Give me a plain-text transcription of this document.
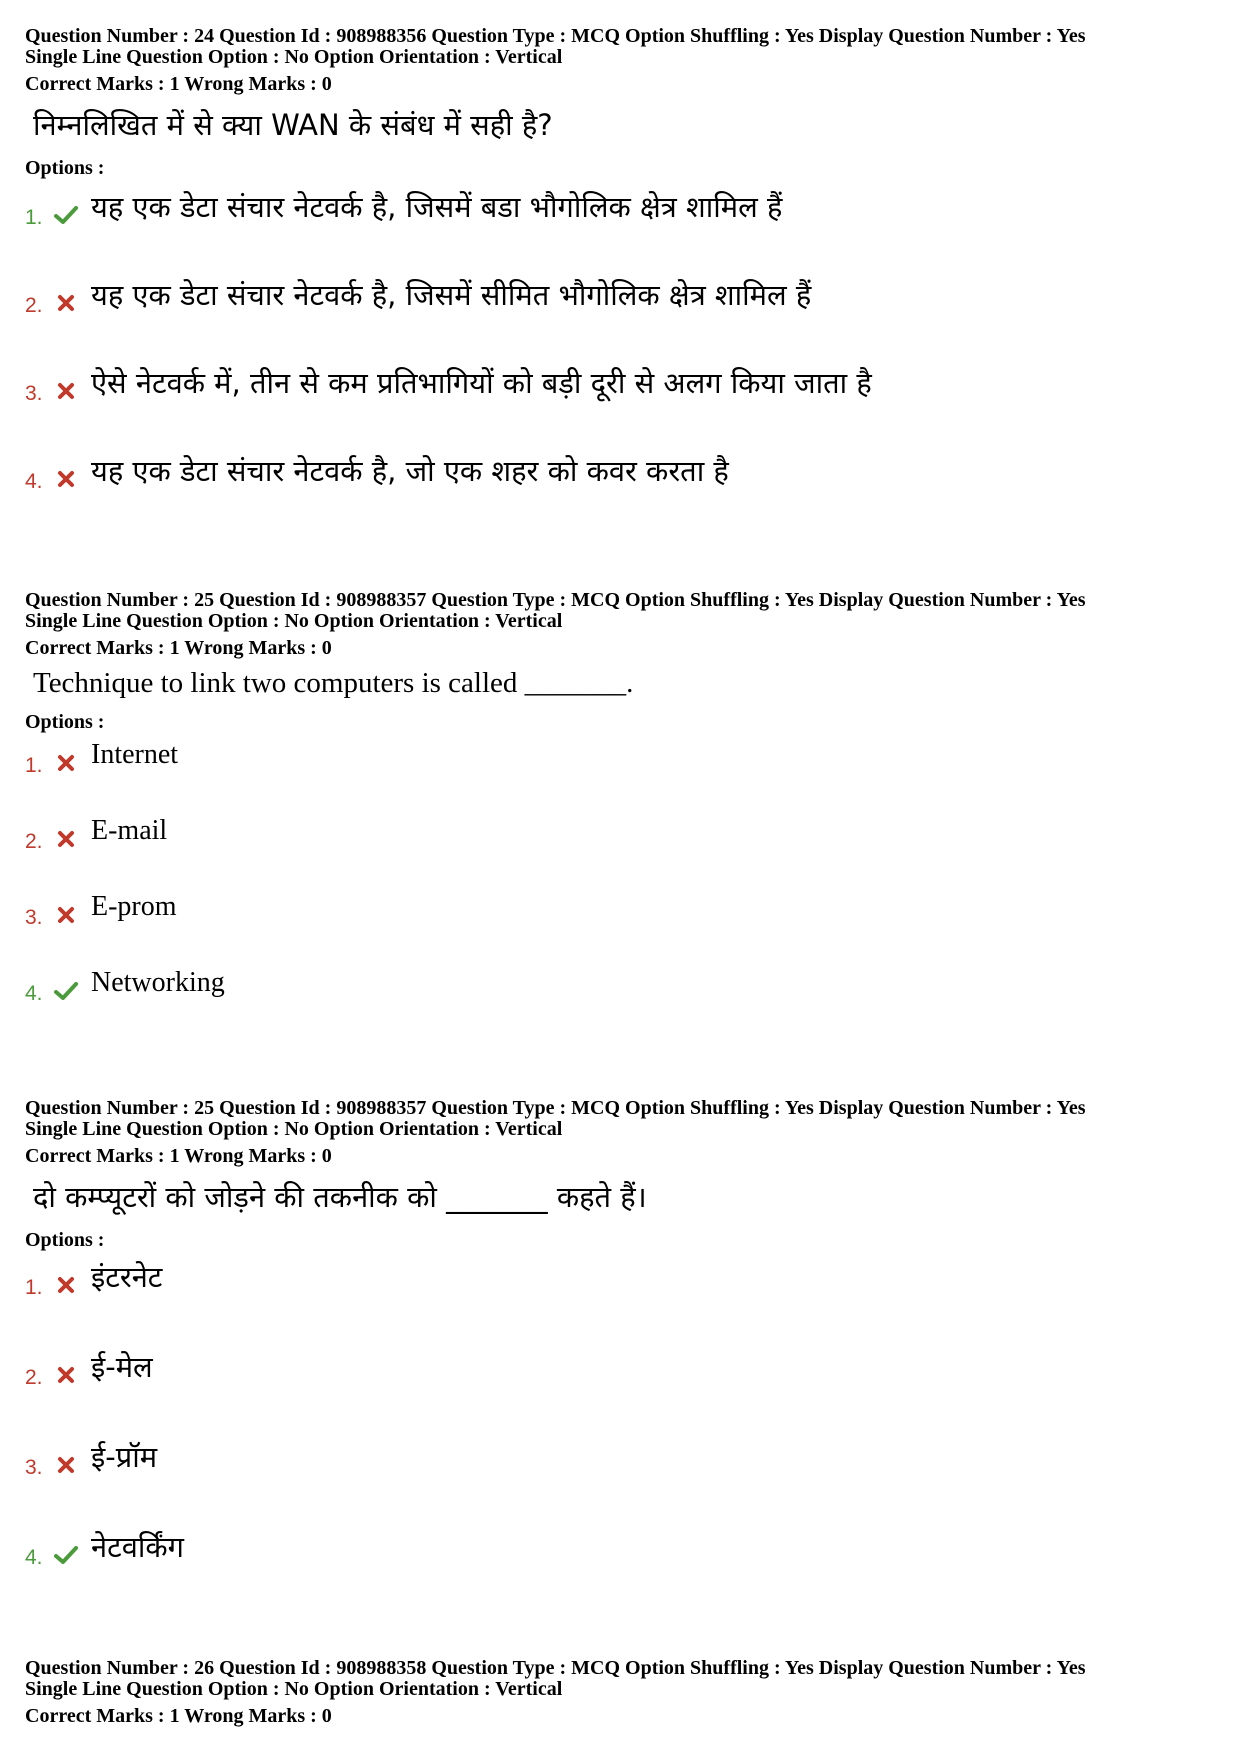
Question Number : 24 Question Id : 908988356 Question Type : MCQ Option Shuffling : Yes Display Question Number : Yes
Single Line Question Option : No Option Orientation : Vertical
Correct Marks : 1 Wrong Marks : 0
निम्नलिखित में से क्या WAN के संबंध में सही है?
Options :
1. यह एक डेटा संचार नेटवर्क है, जिसमें बडा भौगोलिक क्षेत्र शामिल हैं
2. यह एक डेटा संचार नेटवर्क है, जिसमें सीमित भौगोलिक क्षेत्र शामिल हैं
3. ऐसे नेटवर्क में, तीन से कम प्रतिभागियों को बड़ी दूरी से अलग किया जाता है
4. यह एक डेटा संचार नेटवर्क है, जो एक शहर को कवर करता है
Question Number : 25 Question Id : 908988357 Question Type : MCQ Option Shuffling : Yes Display Question Number : Yes
Single Line Question Option : No Option Orientation : Vertical
Correct Marks : 1 Wrong Marks : 0
Technique to link two computers is called _______.
Options :
1. Internet
2. E-mail
3. E-prom
4. Networking
Question Number : 25 Question Id : 908988357 Question Type : MCQ Option Shuffling : Yes Display Question Number : Yes
Single Line Question Option : No Option Orientation : Vertical
Correct Marks : 1 Wrong Marks : 0
दो कम्प्यूटरों को जोड़ने की तकनीक को _______ कहते हैं।
Options :
1. इंटरनेट
2. ई-मेल
3. ई-प्रॉम
4. नेटवर्किंग
Question Number : 26 Question Id : 908988358 Question Type : MCQ Option Shuffling : Yes Display Question Number : Yes
Single Line Question Option : No Option Orientation : Vertical
Correct Marks : 1 Wrong Marks : 0
